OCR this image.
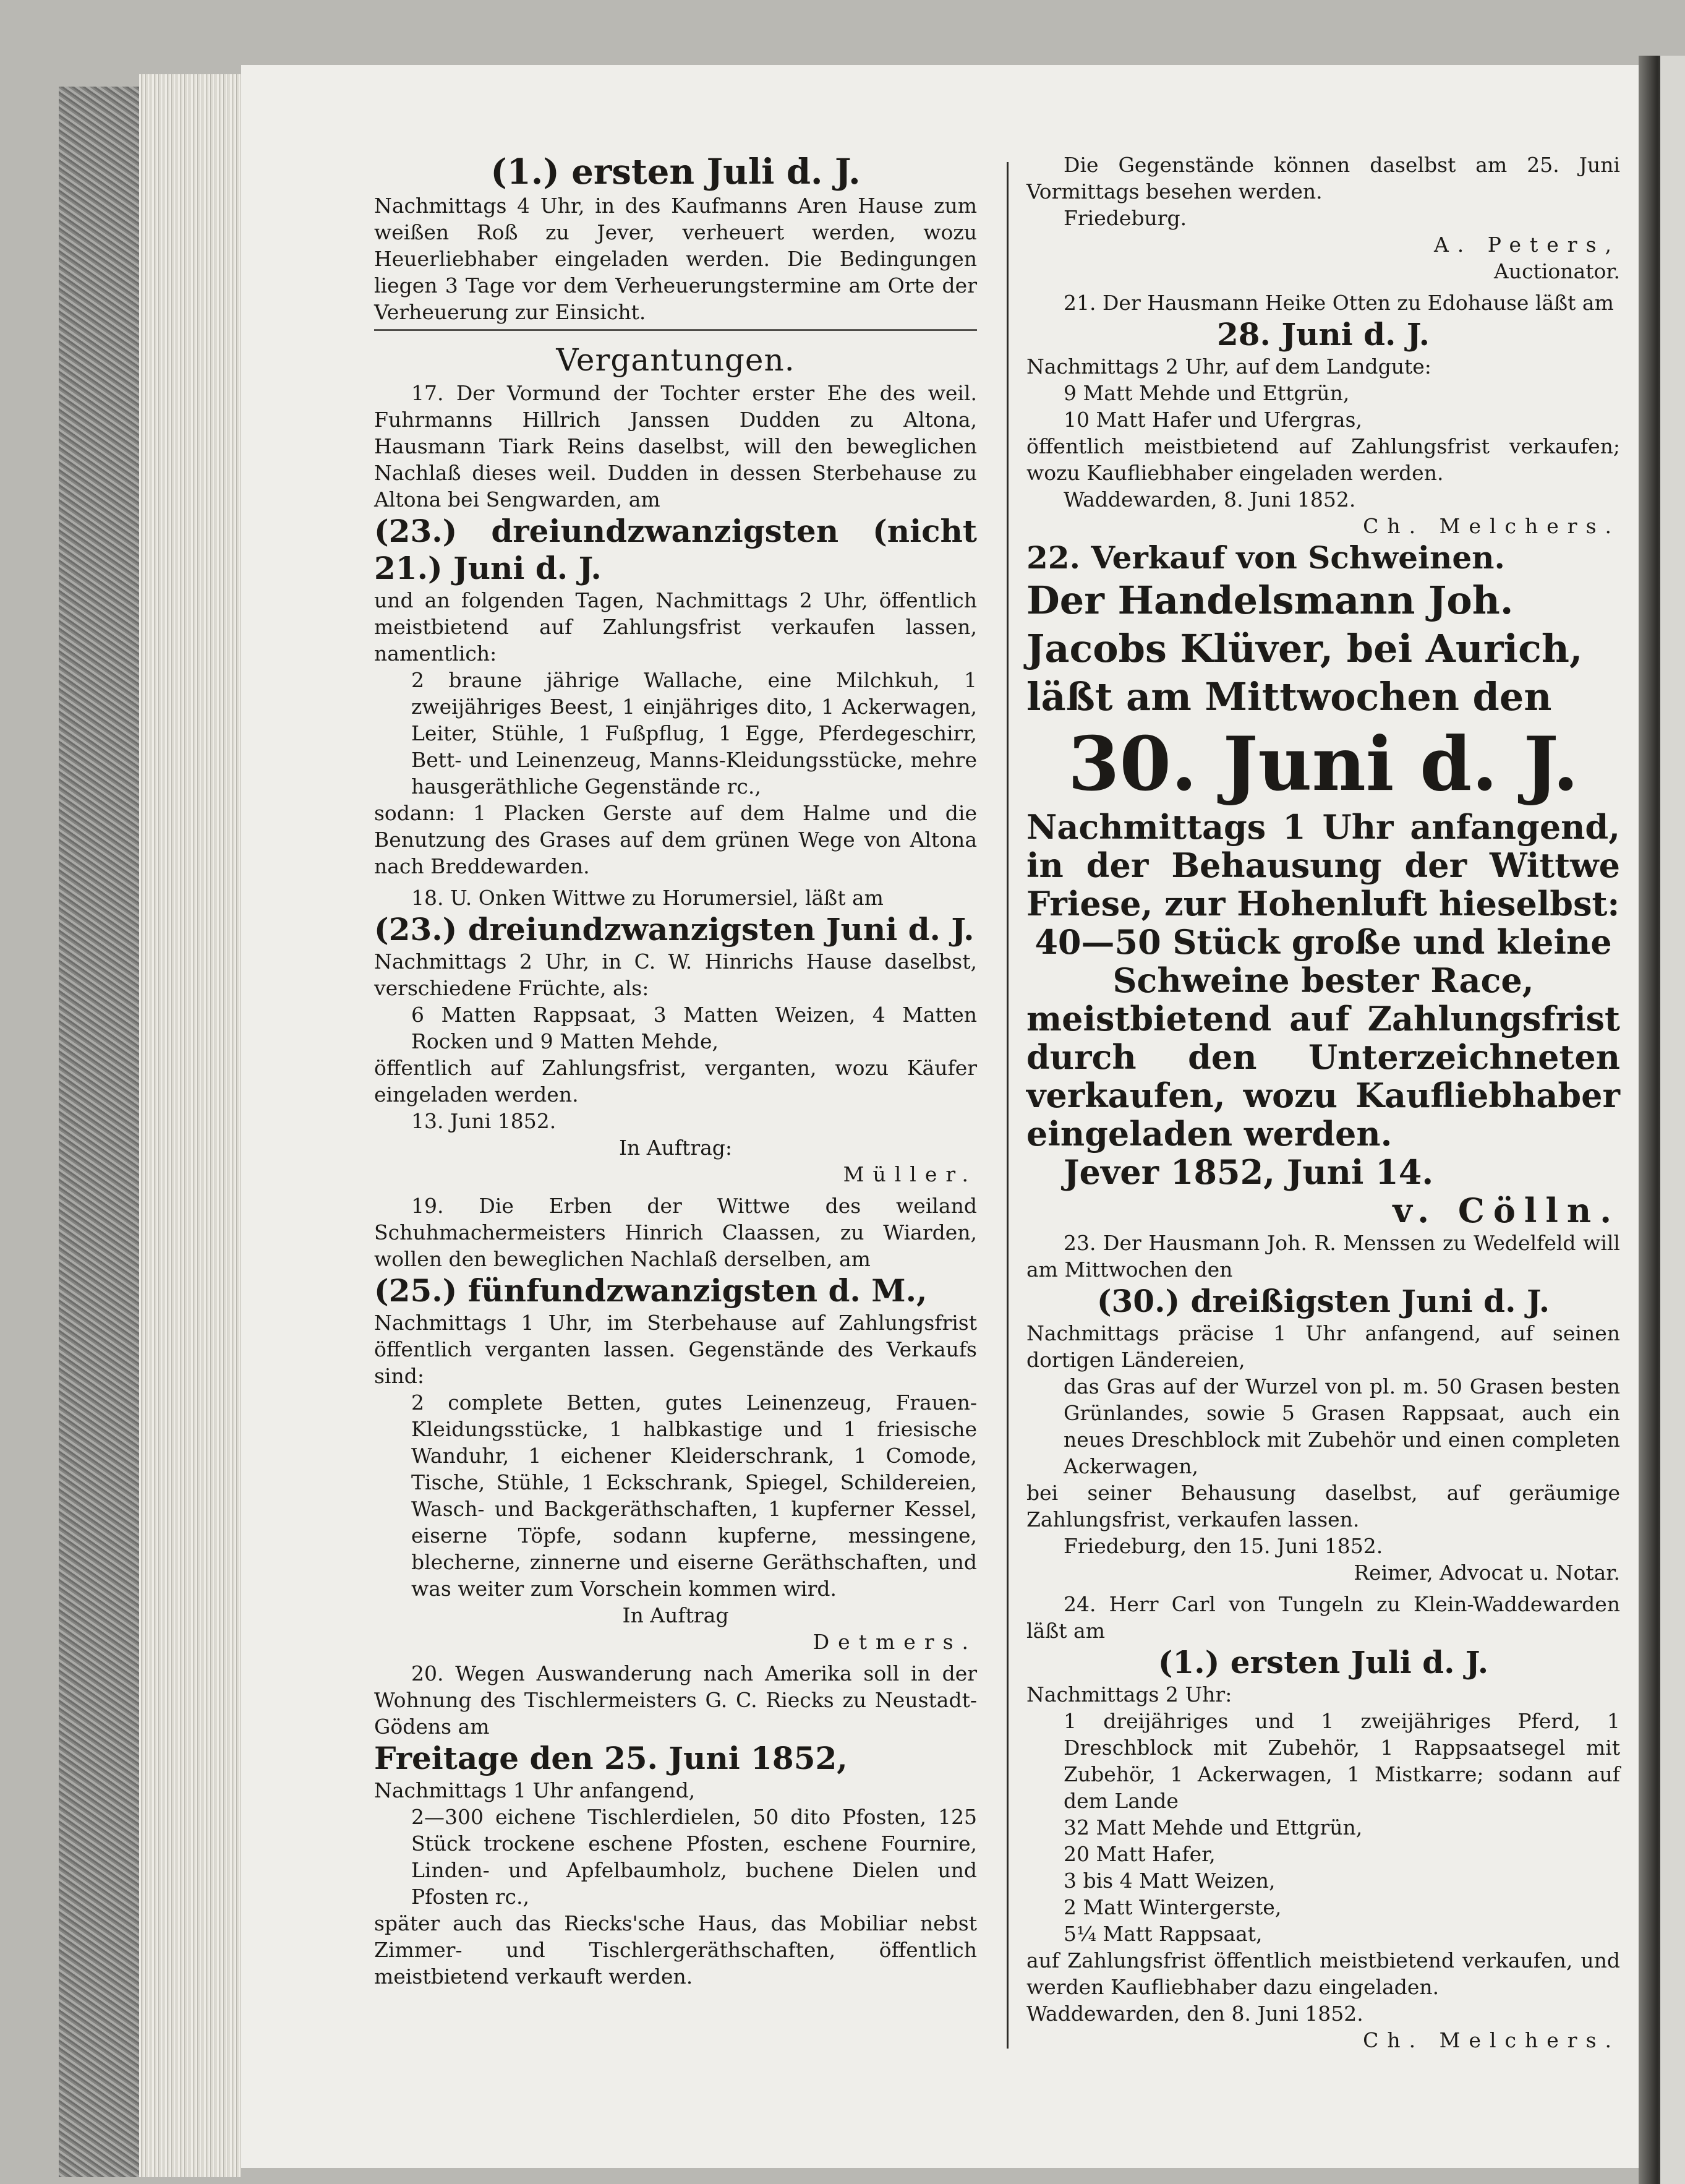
(1.) ersten Juli d. J.

Nachmittags 4 Uhr, in des Kaufmanns Aren Hause zum weißen Roß zu Jever, verheuert werden, wozu Heuerliebhaber eingeladen werden. Die Bedingungen liegen 3 Tage vor dem Verheuerungstermine am Orte der Verheuerung zur Einsicht.

Vergantungen.

17. Der Vormund der Tochter erster Ehe des weil. Fuhrmanns Hillrich Janssen Dudden zu Altona, Hausmann Tiark Reins daselbst, will den beweglichen Nachlaß dieses weil. Dudden in dessen Sterbehause zu Altona bei Sengwarden, am

(23.) dreiundzwanzigsten (nicht 21.) Juni d. J.

und an folgenden Tagen, Nachmittags 2 Uhr, öffentlich meistbietend auf Zahlungsfrist verkaufen lassen, namentlich:

2 braune jährige Wallache, eine Milchkuh, 1 zweijähriges Beest, 1 einjähriges dito, 1 Ackerwagen, Leiter, Stühle, 1 Fußpflug, 1 Egge, Pferdegeschirr, Bett- und Leinenzeug, Manns-Kleidungsstücke, mehre hausgeräthliche Gegenstände rc.,

sodann: 1 Placken Gerste auf dem Halme und die Benutzung des Grases auf dem grünen Wege von Altona nach Breddewarden.

18. U. Onken Wittwe zu Horumersiel, läßt am

(23.) dreiundzwanzigsten Juni d. J.

Nachmittags 2 Uhr, in C. W. Hinrichs Hause daselbst, verschiedene Früchte, als:

6 Matten Rappsaat, 3 Matten Weizen, 4 Matten Rocken und 9 Matten Mehde,

öffentlich auf Zahlungsfrist, verganten, wozu Käufer eingeladen werden.

13. Juni 1852.

In Auftrag:

Müller.

19. Die Erben der Wittwe des weiland Schuhmachermeisters Hinrich Claassen, zu Wiarden, wollen den beweglichen Nachlaß derselben, am

(25.) fünfundzwanzigsten d. M.,

Nachmittags 1 Uhr, im Sterbehause auf Zahlungsfrist öffentlich verganten lassen. Gegenstände des Verkaufs sind:

2 complete Betten, gutes Leinenzeug, Frauen-Kleidungsstücke, 1 halbkastige und 1 friesische Wanduhr, 1 eichener Kleiderschrank, 1 Comode, Tische, Stühle, 1 Eckschrank, Spiegel, Schildereien, Wasch- und Backgeräthschaften, 1 kupferner Kessel, eiserne Töpfe, sodann kupferne, messingene, blecherne, zinnerne und eiserne Geräthschaften, und was weiter zum Vorschein kommen wird.

In Auftrag

Detmers.

20. Wegen Auswanderung nach Amerika soll in der Wohnung des Tischlermeisters G. C. Riecks zu Neustadt-Gödens am

Freitage den 25. Juni 1852,

Nachmittags 1 Uhr anfangend,

2—300 eichene Tischlerdielen, 50 dito Pfosten, 125 Stück trockene eschene Pfosten, eschene Fournire, Linden- und Apfelbaumholz, buchene Dielen und Pfosten rc.,

später auch das Riecks'sche Haus, das Mobiliar nebst Zimmer- und Tischlergeräthschaften, öffentlich meistbietend verkauft werden.

Die Gegenstände können daselbst am 25. Juni Vormittags besehen werden.

Friedeburg.

A. Peters,

Auctionator.

21. Der Hausmann Heike Otten zu Edohause läßt am

28. Juni d. J.

Nachmittags 2 Uhr, auf dem Landgute:

9 Matt Mehde und Ettgrün,

10 Matt Hafer und Ufergras,

öffentlich meistbietend auf Zahlungsfrist verkaufen; wozu Kaufliebhaber eingeladen werden.

Waddewarden, 8. Juni 1852.

Ch. Melchers.

22. Verkauf von Schweinen.

Der Handelsmann Joh. Jacobs Klüver, bei Aurich, läßt am Mittwochen den

30. Juni d. J.

Nachmittags 1 Uhr anfangend, in der Behausung der Wittwe Friese, zur Hohenluft hieselbst:

40—50 Stück große und kleine

Schweine bester Race,

meistbietend auf Zahlungsfrist durch den Unterzeichneten verkaufen, wozu Kaufliebhaber eingeladen werden.

Jever 1852, Juni 14.

v. Cölln.

23. Der Hausmann Joh. R. Menssen zu Wedelfeld will am Mittwochen den

(30.) dreißigsten Juni d. J.

Nachmittags präcise 1 Uhr anfangend, auf seinen dortigen Ländereien,

das Gras auf der Wurzel von pl. m. 50 Grasen besten Grünlandes, sowie 5 Grasen Rappsaat, auch ein neues Dreschblock mit Zubehör und einen completen Ackerwagen,

bei seiner Behausung daselbst, auf geräumige Zahlungsfrist, verkaufen lassen.

Friedeburg, den 15. Juni 1852.

Reimer, Advocat u. Notar.

24. Herr Carl von Tungeln zu Klein-Waddewarden läßt am

(1.) ersten Juli d. J.

Nachmittags 2 Uhr:

1 dreijähriges und 1 zweijähriges Pferd, 1 Dreschblock mit Zubehör, 1 Rappsaatsegel mit Zubehör, 1 Ackerwagen, 1 Mistkarre; sodann auf dem Lande

32 Matt Mehde und Ettgrün,

20 Matt Hafer,

3 bis 4 Matt Weizen,

2 Matt Wintergerste,

5¼ Matt Rappsaat,

auf Zahlungsfrist öffentlich meistbietend verkaufen, und werden Kaufliebhaber dazu eingeladen.

Waddewarden, den 8. Juni 1852.

Ch. Melchers.
